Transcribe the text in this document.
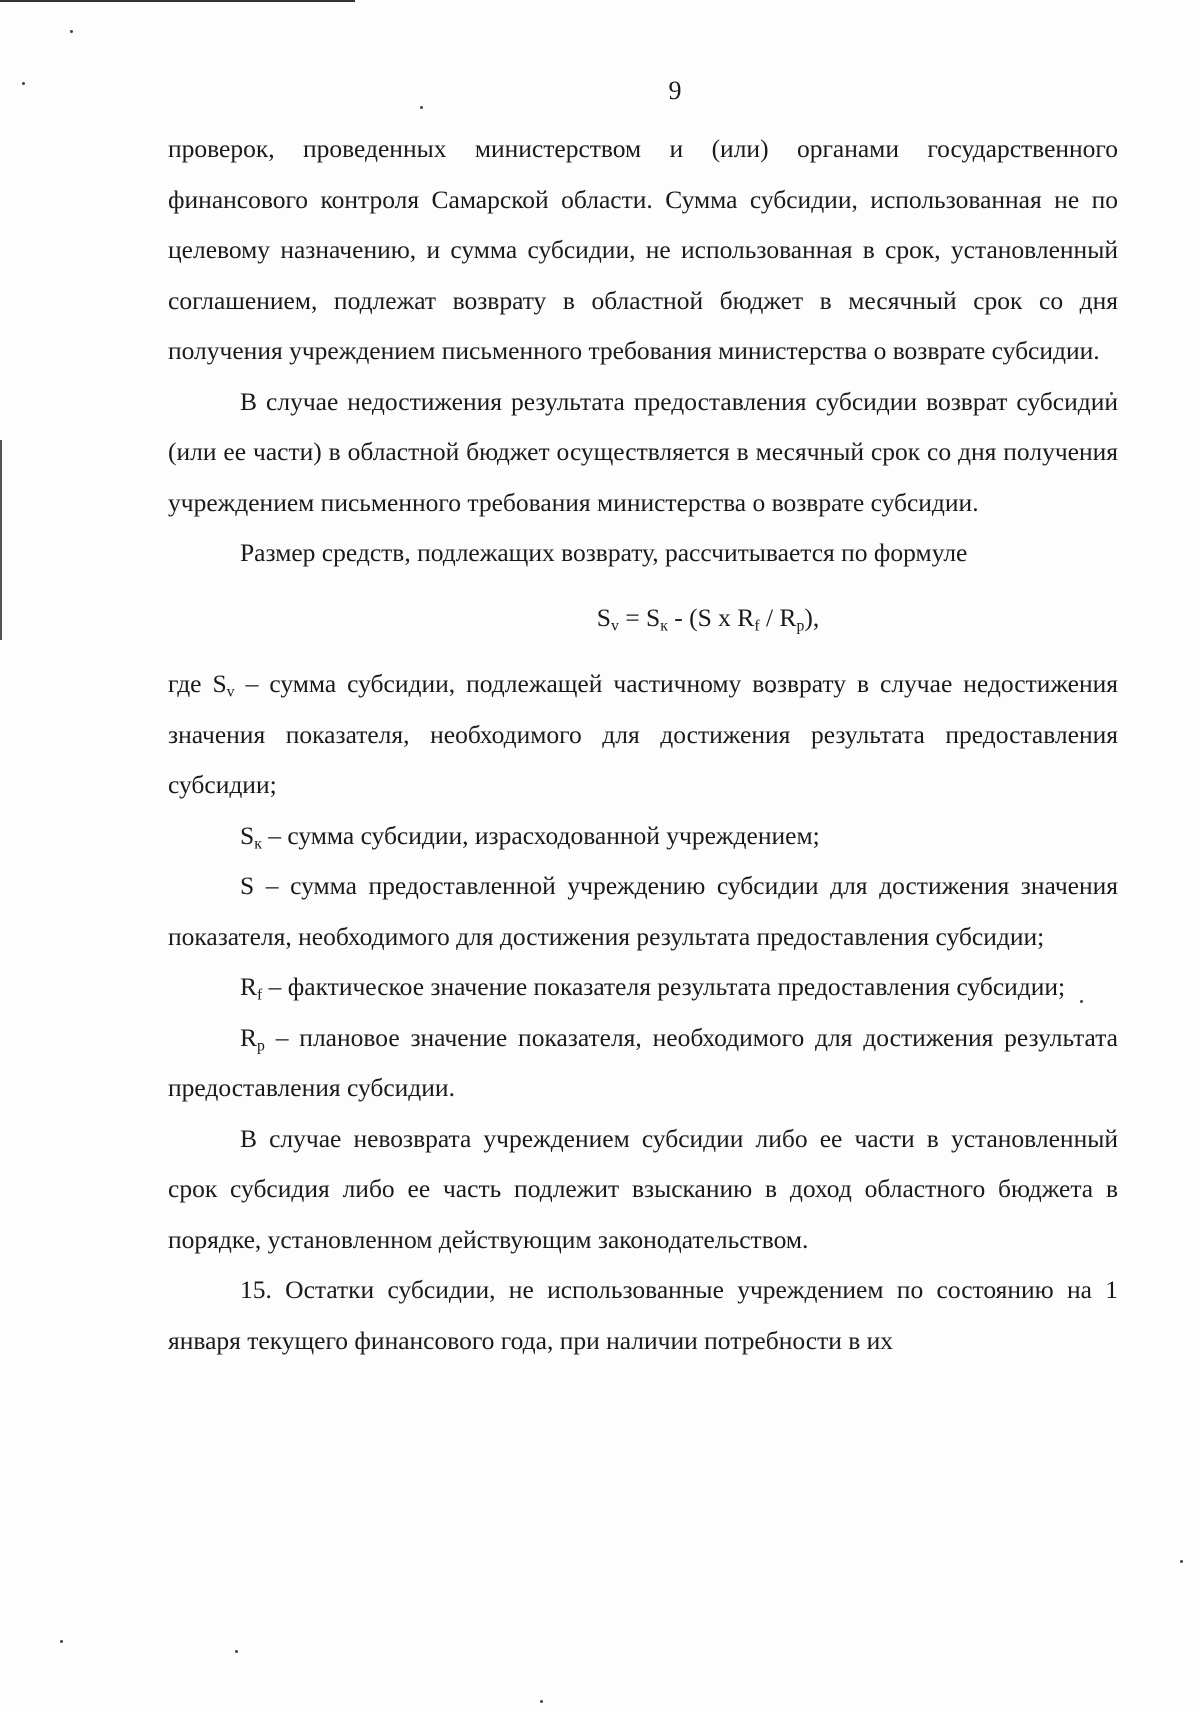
9

проверок, проведенных министерством и (или) органами государственного финансового контроля Самарской области. Сумма субсидии, использованная не по целевому назначению, и сумма субсидии, не использованная в срок, установленный соглашением, подлежат возврату в областной бюджет в месячный срок со дня получения учреждением письменного требования министерства о возврате субсидии.

В случае недостижения результата предоставления субсидии возврат субсидии (или ее части) в областной бюджет осуществляется в месячный срок со дня получения учреждением письменного требования министерства о возврате субсидии.

Размер средств, подлежащих возврату, рассчитывается по формуле

$S_v = S_к - (S$ x $R_f / R_p$),

где $S_v$ – сумма субсидии, подлежащей частичному возврату в случае недостижения значения показателя, необходимого для достижения результата предоставления субсидии;

$S_к$ – сумма субсидии, израсходованной учреждением;

S – сумма предоставленной учреждению субсидии для достижения значения показателя, необходимого для достижения результата предоставления субсидии;

$R_f$ – фактическое значение показателя результата предоставления субсидии;

$R_p$ – плановое значение показателя, необходимого для достижения результата предоставления субсидии.

В случае невозврата учреждением субсидии либо ее части в установленный срок субсидия либо ее часть подлежит взысканию в доход областного бюджета в порядке, установленном действующим законодательством.

15. Остатки субсидии, не использованные учреждением по состоянию на 1 января текущего финансового года, при наличии потребности в их
